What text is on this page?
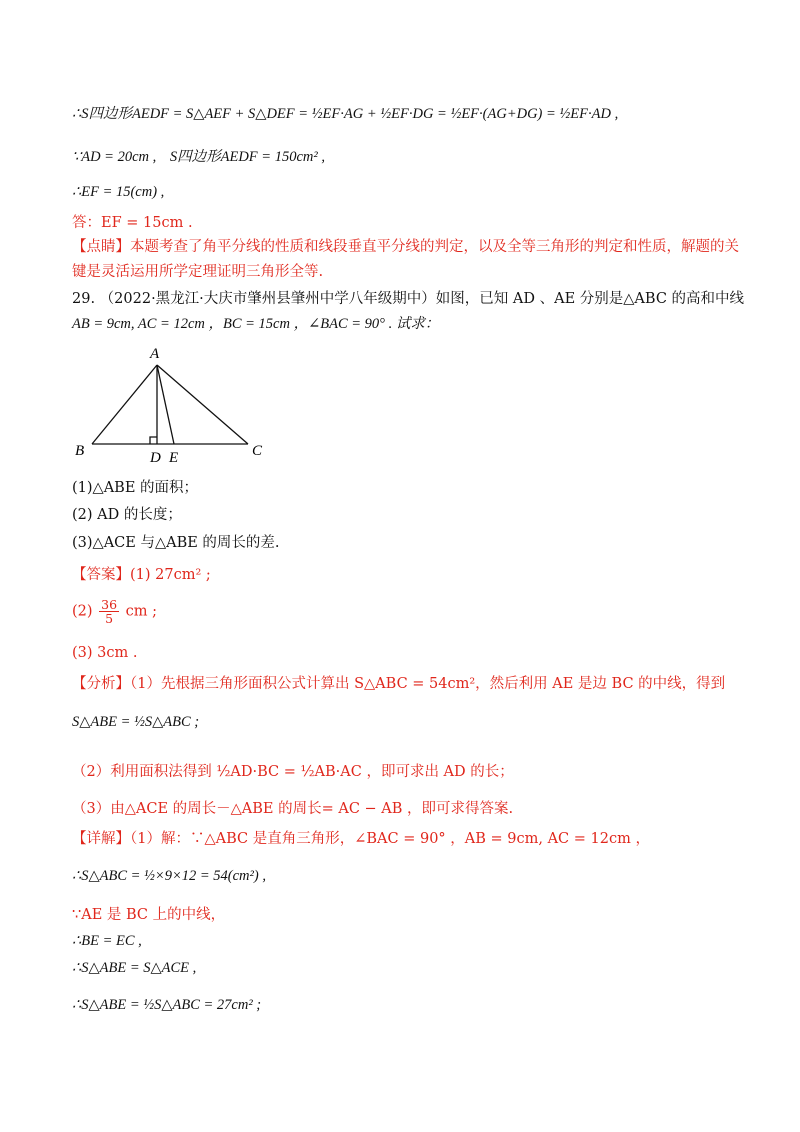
∴S四边形AEDF = S△AEF + S△DEF = ½EF·AG + ½EF·DG = ½EF·(AG+DG) = ½EF·AD ,
∵AD = 20cm , S四边形AEDF = 150cm² ,
∴EF = 15(cm) ,
答：EF = 15cm .
【点睛】本题考查了角平分线的性质和线段垂直平分线的判定，以及全等三角形的判定和性质，解题的关
键是灵活运用所学定理证明三角形全等.
29. （2022·黑龙江·大庆市肇州县肇州中学八年级期中）如图，已知 AD 、AE 分别是△ABC 的高和中线
AB = 9cm, AC = 12cm ，BC = 15cm ，∠BAC = 90° . 试求：
A
B	C
D E
(1)△ABE 的面积；
(2) AD 的长度；
(3)△ACE 与△ABE 的周长的差.
【答案】(1) 27cm² ;
$(2) \frac{36}{5}$ cm ;
(3) 3cm .
【分析】（1）先根据三角形面积公式计算出 S△ABC = 54cm²，然后利用 AE 是边 BC 的中线，得到
S△ABE = ½S△ABC ;
（2）利用面积法得到 ½AD·BC = ½AB·AC ，即可求出 AD 的长；
（3）由△ACE 的周长－△ABE 的周长= AC − AB ，即可求得答案.
【详解】（1）解：∵△ABC 是直角三角形，∠BAC = 90° ，AB = 9cm, AC = 12cm ，
∴S△ABC = ½×9×12 = 54(cm²) ,
∵AE 是 BC 上的中线，
∴BE = EC ,
∴S△ABE = S△ACE ,
∴S△ABE = ½S△ABC = 27cm² ;
